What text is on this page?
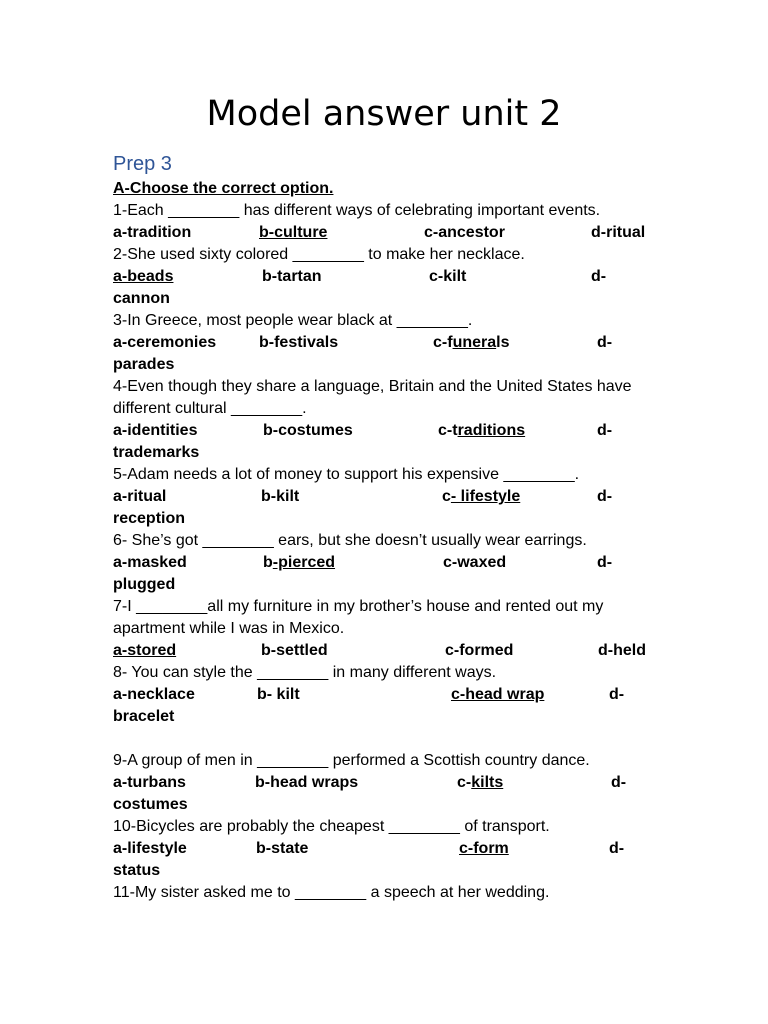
Model answer unit 2
Prep 3
A-Choose the correct option.
1-Each ________ has different ways of celebrating important events.
a-tradition	b-culture	c-ancestor	d-ritual
2-She used sixty colored ________ to make her necklace.
a-beads	b-tartan	c-kilt	d-
cannon
3-In Greece, most people wear black at ________.
a-ceremonies	b-festivals	c-funerals	d-
parades
4-Even though they share a language, Britain and the United States have
different cultural ________.
a-identities	b-costumes	c-traditions	d-
trademarks
5-Adam needs a lot of money to support his expensive ________.
a-ritual	b-kilt	c- lifestyle	d-
reception
6- She’s got ________ ears, but she doesn’t usually wear earrings.
a-masked	b-pierced	c-waxed	d-
plugged
7-I ________all my furniture in my brother’s house and rented out my
apartment while I was in Mexico.
a-stored	b-settled	c-formed	d-held
8- You can style the ________ in many different ways.
a-necklace	b- kilt	c-head wrap	d-
bracelet
9-A group of men in ________ performed a Scottish country dance.
a-turbans	b-head wraps	c-kilts	d-
costumes
10-Bicycles are probably the cheapest ________ of transport.
a-lifestyle	b-state	c-form	d-
status
11-My sister asked me to ________ a speech at her wedding.
